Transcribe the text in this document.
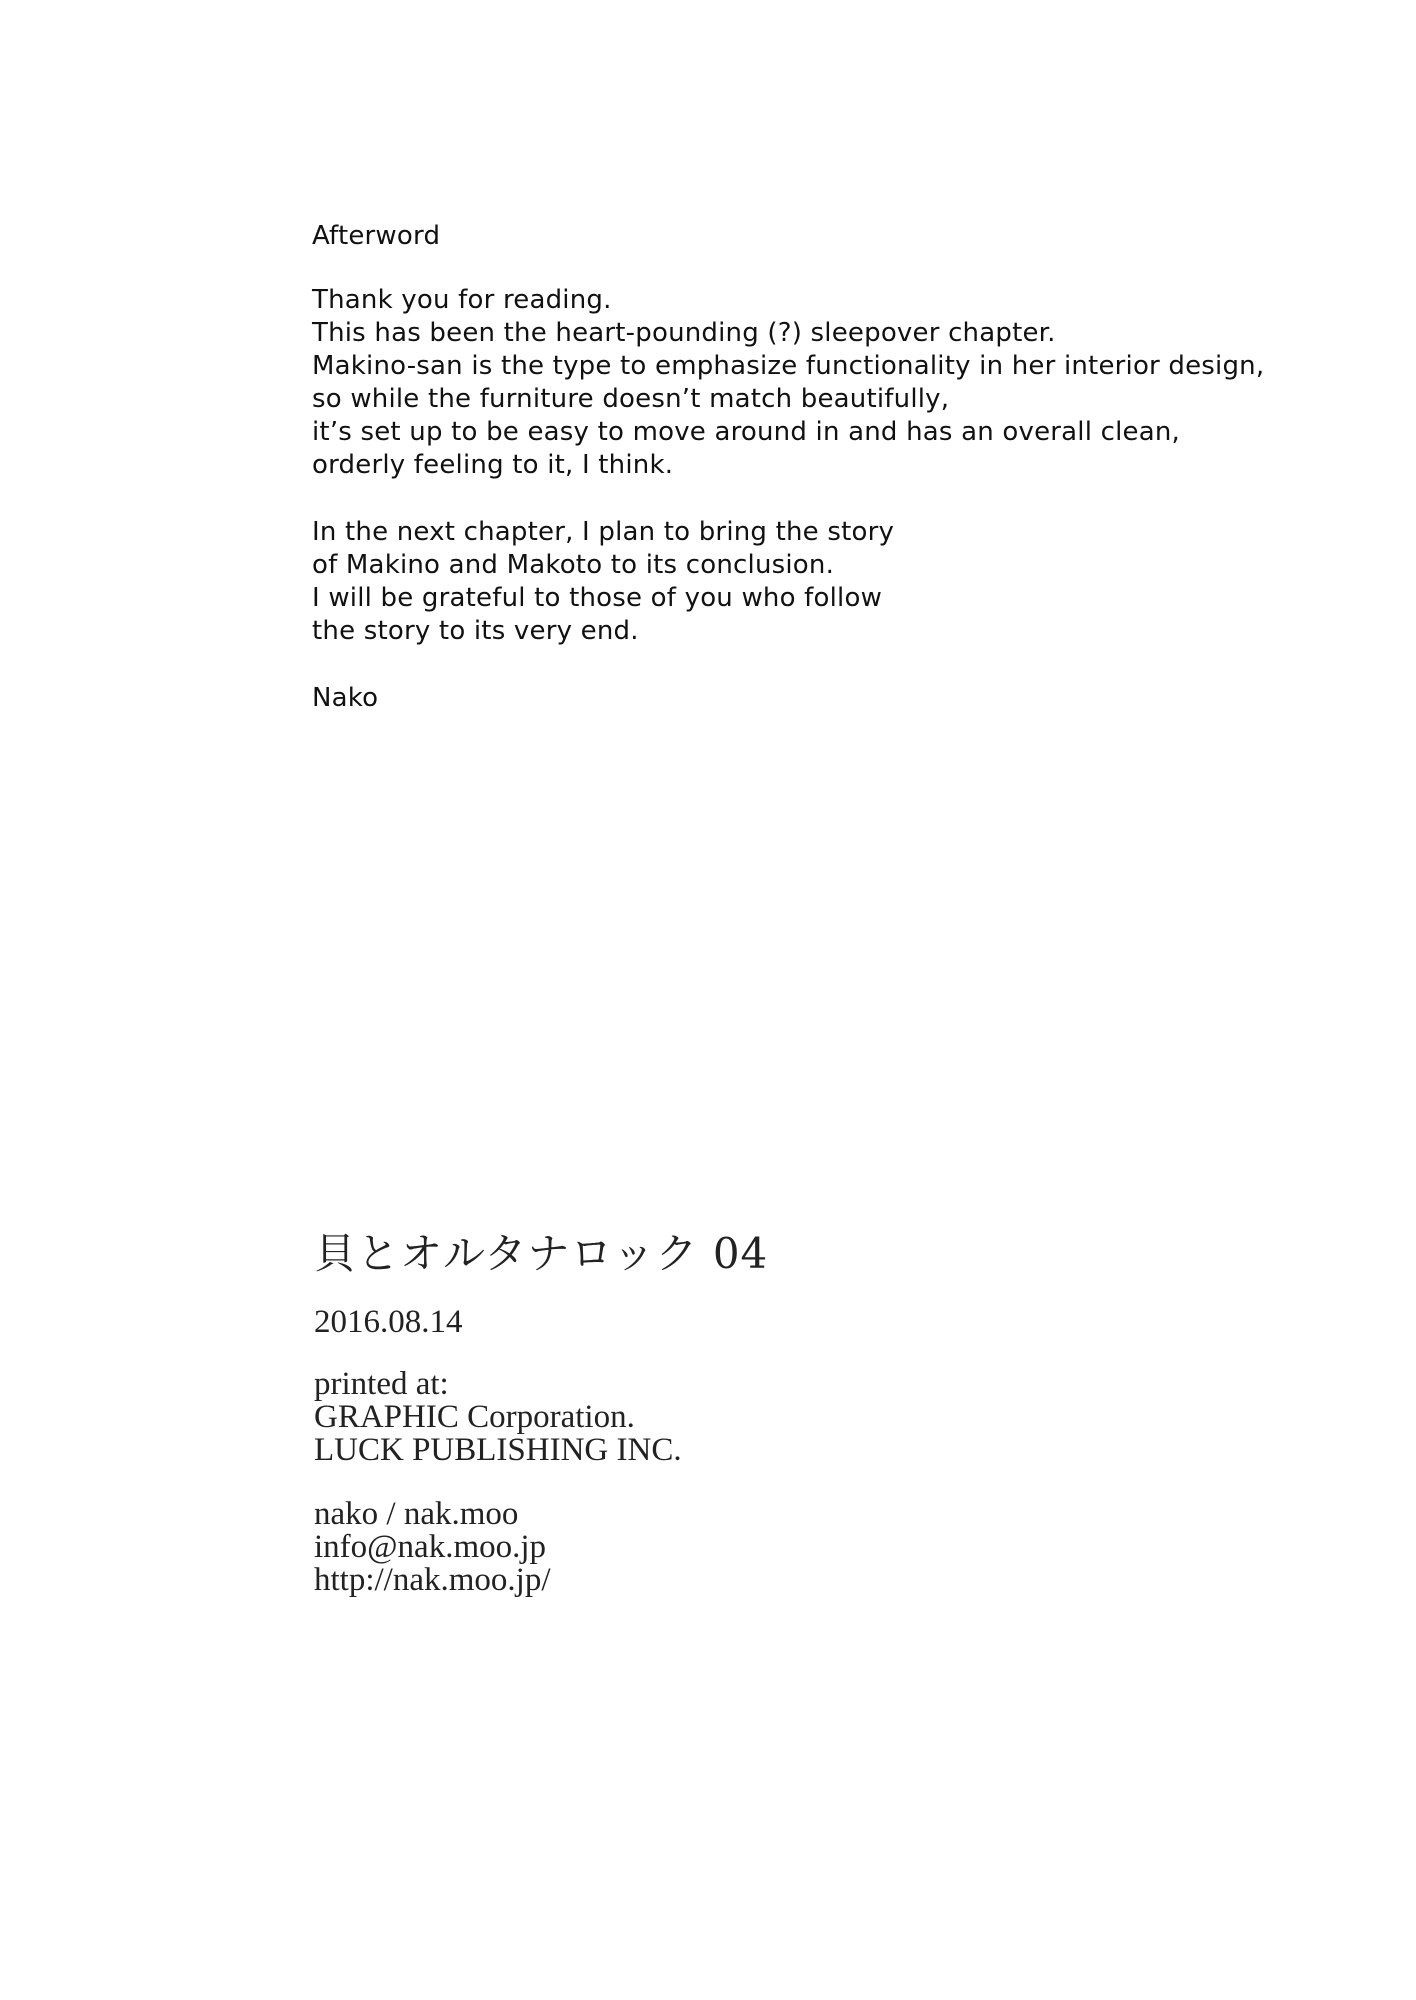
Afterword

Thank you for reading.
This has been the heart-pounding (?) sleepover chapter.
Makino-san is the type to emphasize functionality in her interior design,
so while the furniture doesn’t match beautifully,
it’s set up to be easy to move around in and has an overall clean,
orderly feeling to it, I think.

In the next chapter, I plan to bring the story
of Makino and Makoto to its conclusion.
I will be grateful to those of you who follow
the story to its very end.

Nako

貝とオルタナロック 04
2016.08.14
printed at:
GRAPHIC Corporation.
LUCK PUBLISHING INC.
nako / nak.moo
info@nak.moo.jp
http://nak.moo.jp/
